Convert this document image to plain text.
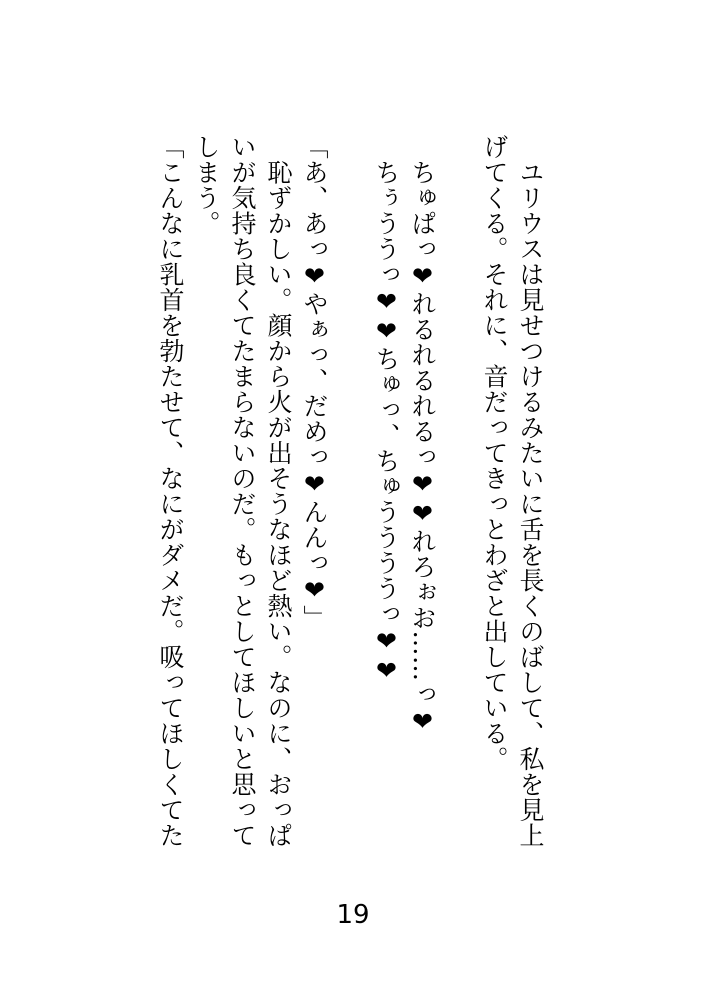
　ユリウスは見せつけるみたいに舌を長くのばして、私を見上
げてくる。それに、音だってきっとわざと出している。
　ちゅぱっ❤れるれるれるっ❤❤れろぉお……っ❤
　ちぅううっ❤❤ちゅっ、ちゅううううっ❤❤
「あ、あっ❤やぁっ、だめっ❤んんっ❤」
　恥ずかしい。顔から火が出そうなほど熱い。なのに、おっぱ
いが気持ち良くてたまらないのだ。もっとしてほしいと思って
しまう。
「こんなに乳首を勃たせて、なにがダメだ。吸ってほしくてた
19
